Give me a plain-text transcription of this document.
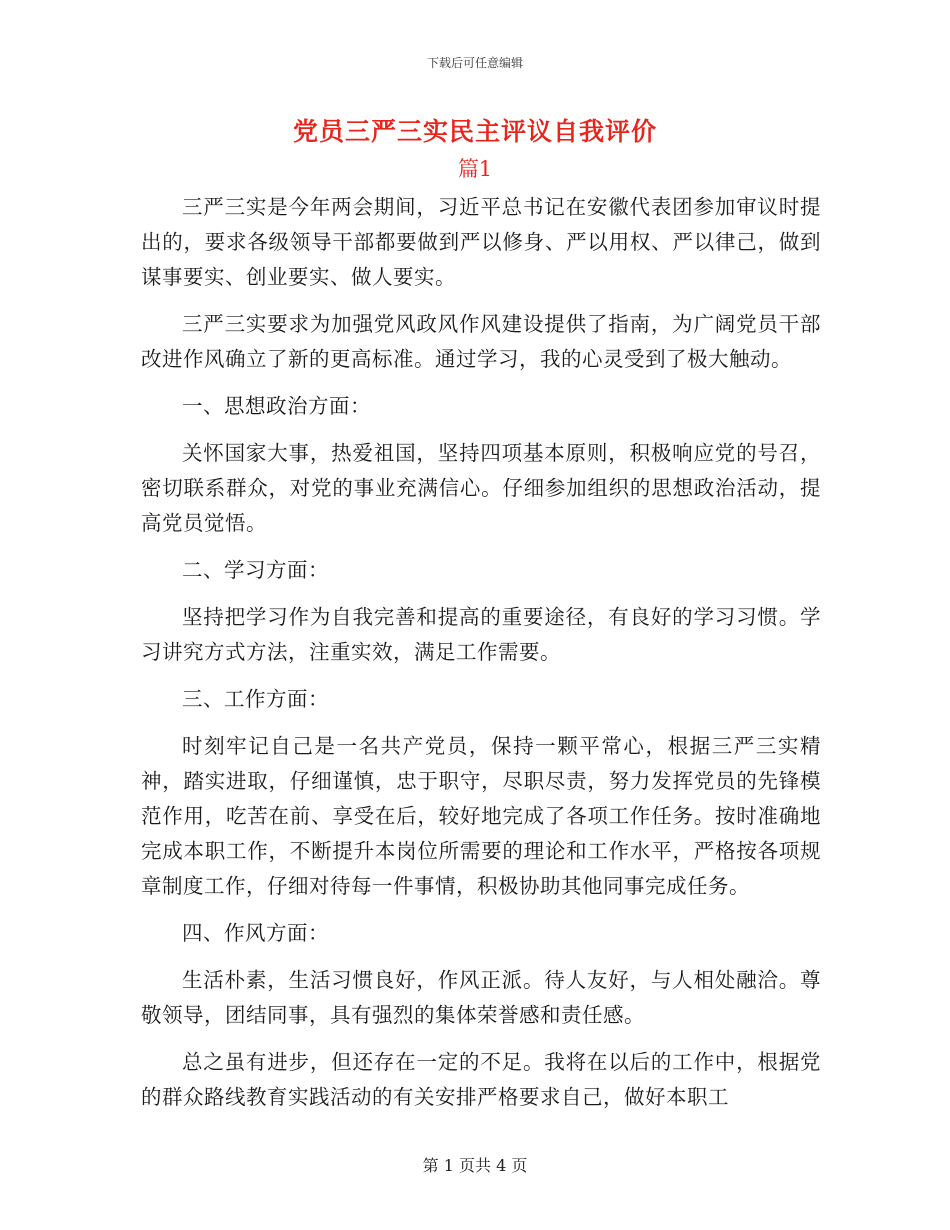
下载后可任意编辑
党员三严三实民主评议自我评价
篇1

三严三实是今年两会期间，习近平总书记在安徽代表团参加审议时提出的，要求各级领导干部都要做到严以修身、严以用权、严以律己，做到谋事要实、创业要实、做人要实。

三严三实要求为加强党风政风作风建设提供了指南，为广阔党员干部改进作风确立了新的更高标准。通过学习，我的心灵受到了极大触动。

一、思想政治方面：

关怀国家大事，热爱祖国，坚持四项基本原则，积极响应党的号召，密切联系群众，对党的事业充满信心。仔细参加组织的思想政治活动，提高党员觉悟。

二、学习方面：

坚持把学习作为自我完善和提高的重要途径，有良好的学习习惯。学习讲究方式方法，注重实效，满足工作需要。

三、工作方面：

时刻牢记自己是一名共产党员，保持一颗平常心，根据三严三实精神，踏实进取，仔细谨慎，忠于职守，尽职尽责，努力发挥党员的先锋模范作用，吃苦在前、享受在后，较好地完成了各项工作任务。按时准确地完成本职工作，不断提升本岗位所需要的理论和工作水平，严格按各项规章制度工作，仔细对待每一件事情，积极协助其他同事完成任务。

四、作风方面：

生活朴素，生活习惯良好，作风正派。待人友好，与人相处融洽。尊敬领导，团结同事，具有强烈的集体荣誉感和责任感。

总之虽有进步，但还存在一定的不足。我将在以后的工作中，根据党的群众路线教育实践活动的有关安排严格要求自己，做好本职工

第 1 页共 4 页
